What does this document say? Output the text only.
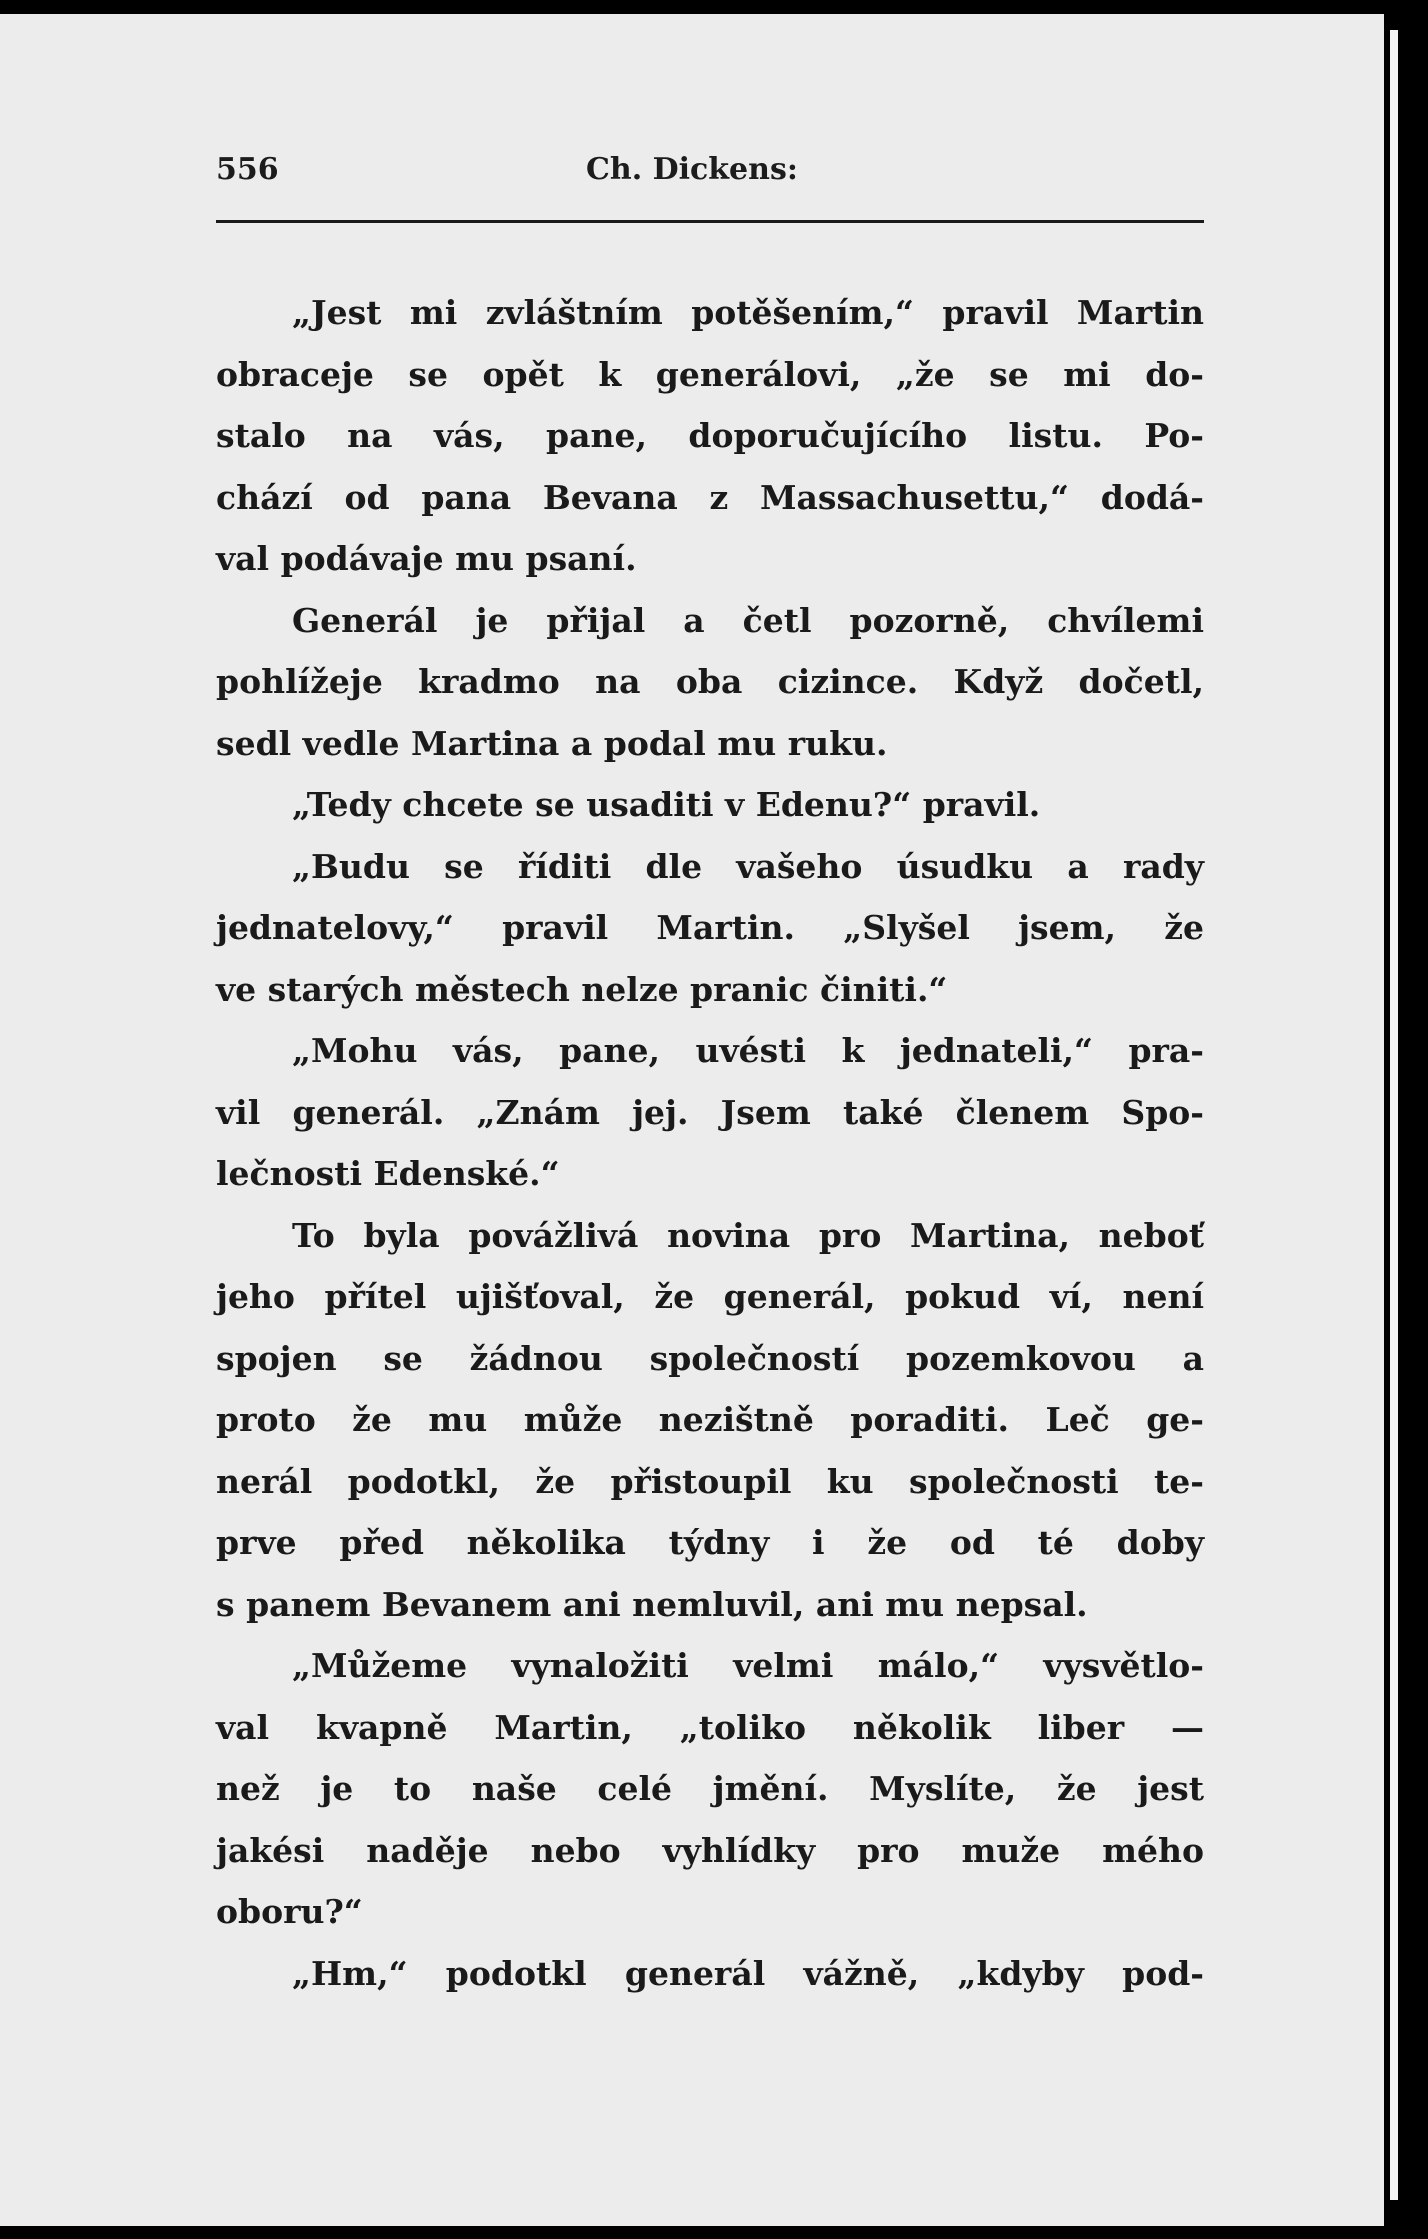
556	Ch. Dickens:
„Jest mi zvláštním potěšením,“ pravil Martin
obraceje se opět k generálovi, „že se mi do-
stalo na vás, pane, doporučujícího listu. Po-
chází od pana Bevana z Massachusettu,“ dodá-
val podávaje mu psaní.
Generál je přijal a četl pozorně, chvílemi
pohlížeje kradmo na oba cizince. Když dočetl,
sedl vedle Martina a podal mu ruku.
„Tedy chcete se usaditi v Edenu?“ pravil.
„Budu se říditi dle vašeho úsudku a rady
jednatelovy,“ pravil Martin. „Slyšel jsem, že
ve starých městech nelze pranic činiti.“
„Mohu vás, pane, uvésti k jednateli,“ pra-
vil generál. „Znám jej. Jsem také členem Spo-
lečnosti Edenské.“
To byla povážlivá novina pro Martina, neboť
jeho přítel ujišťoval, že generál, pokud ví, není
spojen se žádnou společností pozemkovou a
proto že mu může nezištně poraditi. Leč ge-
nerál podotkl, že přistoupil ku společnosti te-
prve před několika týdny i že od té doby
s panem Bevanem ani nemluvil, ani mu nepsal.
„Můžeme vynaložiti velmi málo,“ vysvětlo-
val kvapně Martin, „toliko několik liber —
než je to naše celé jmění. Myslíte, že jest
jakési naděje nebo vyhlídky pro muže mého
oboru?“
„Hm,“ podotkl generál vážně, „kdyby pod-
